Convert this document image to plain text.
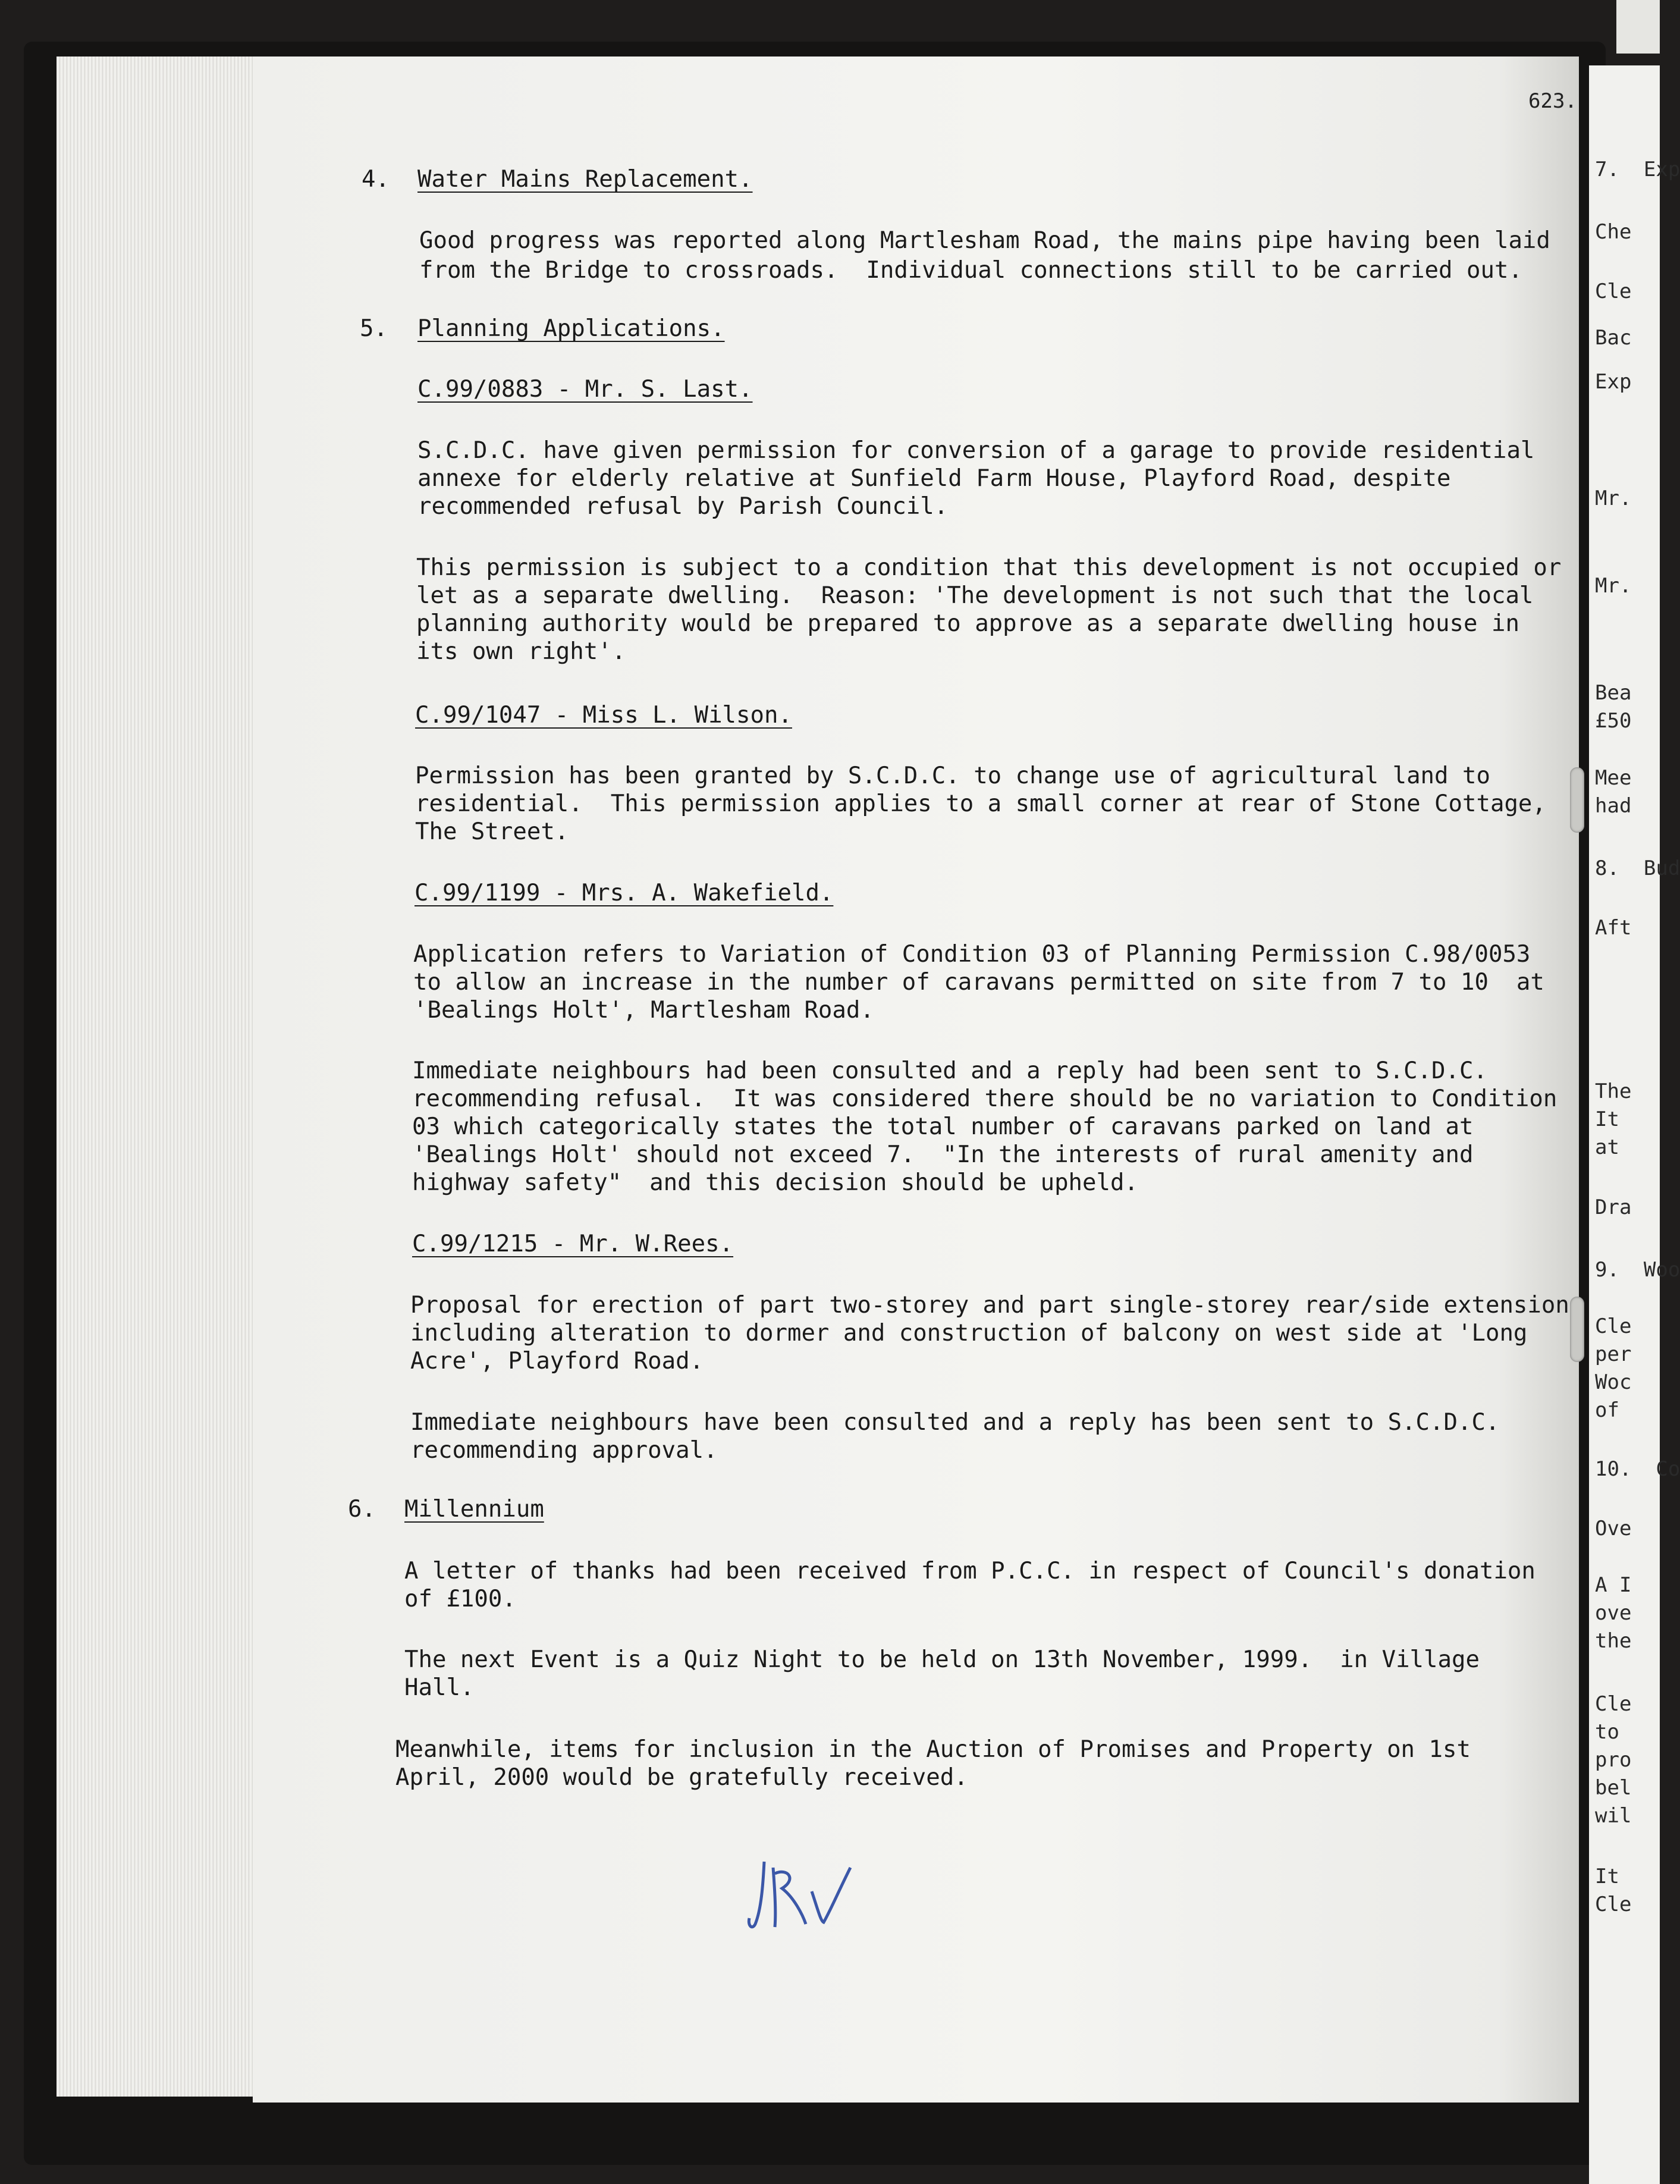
623.
4. Water Mains Replacement.
Good progress was reported along Martlesham Road, the mains pipe having been laid
from the Bridge to crossroads.  Individual connections still to be carried out.
5. Planning Applications.
C.99/0883 - Mr. S. Last.
S.C.D.C. have given permission for conversion of a garage to provide residential
annexe for elderly relative at Sunfield Farm House, Playford Road, despite
recommended refusal by Parish Council.
This permission is subject to a condition that this development is not occupied or
let as a separate dwelling.  Reason: 'The development is not such that the local
planning authority would be prepared to approve as a separate dwelling house in
its own right'.
C.99/1047 - Miss L. Wilson.
Permission has been granted by S.C.D.C. to change use of agricultural land to
residential.  This permission applies to a small corner at rear of Stone Cottage,
The Street.
C.99/1199 - Mrs. A. Wakefield.
Application refers to Variation of Condition 03 of Planning Permission C.98/0053
to allow an increase in the number of caravans permitted on site from 7 to 10  at
'Bealings Holt', Martlesham Road.
Immediate neighbours had been consulted and a reply had been sent to S.C.D.C.
recommending refusal.  It was considered there should be no variation to Condition
03 which categorically states the total number of caravans parked on land at
'Bealings Holt' should not exceed 7.  "In the interests of rural amenity and
highway safety"  and this decision should be upheld.
C.99/1215 - Mr. W.Rees.
Proposal for erection of part two-storey and part single-storey rear/side extension
including alteration to dormer and construction of balcony on west side at 'Long
Acre', Playford Road.
Immediate neighbours have been consulted and a reply has been sent to S.C.D.C.
recommending approval.
6. Millennium
A letter of thanks had been received from P.C.C. in respect of Council's donation
of £100.
The next Event is a Quiz Night to be held on 13th November, 1999.  in Village
Hall.
Meanwhile, items for inclusion in the Auction of Promises and Property on 1st
April, 2000 would be gratefully received.
7.  Exp
Che
Cle
Bac
Exp
Mr.
Mr.
Bea
£50
Mee
had
8.  Bud
Aft
The
It
at
Dra
9.  Woo
Cle
per
Woc
of
10.  Co
Ove
A I
ove
the
Cle
to
pro
bel
wil
It
Cle
